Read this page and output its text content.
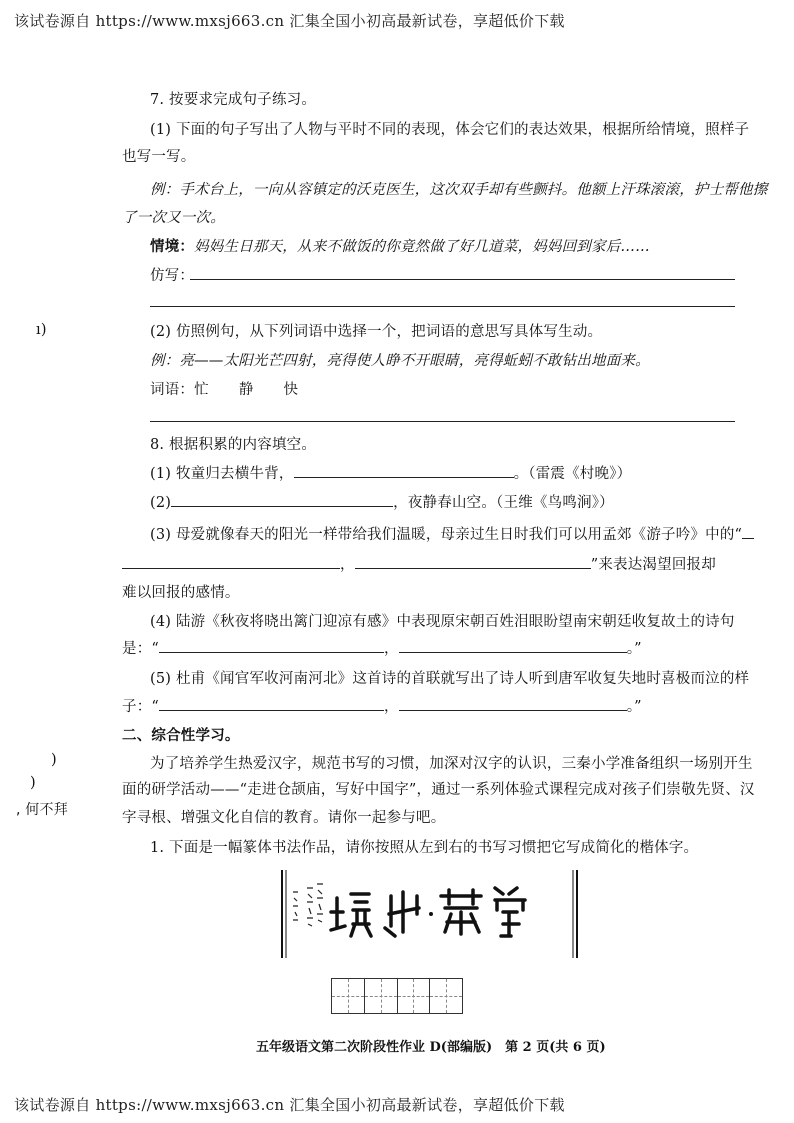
该试卷源自 https://www.mxsj663.cn 汇集全国小初高最新试卷，享超低价下载
该试卷源自 https://www.mxsj663.cn 汇集全国小初高最新试卷，享超低价下载
ı)
)
)
, 何不拜
7. 按要求完成句子练习。
(1) 下面的句子写出了人物与平时不同的表现，体会它们的表达效果，根据所给情境，照样子
也写一写。
例：手术台上，一向从容镇定的沃克医生，这次双手却有些颤抖。他额上汗珠滚滚，护士帮他擦
了一次又一次。
情境：妈妈生日那天，从来不做饭的你竟然做了好几道菜，妈妈回到家后……
仿写：
(2) 仿照例句，从下列词语中选择一个，把词语的意思写具体写生动。
例：亮——太阳光芒四射，亮得使人睁不开眼睛，亮得蚯蚓不敢钻出地面来。
词语：忙 静 快
8. 根据积累的内容填空。
(1) 牧童归去横牛背，	。（雷震《村晚》）
(2)	，夜静春山空。（王维《鸟鸣涧》）
(3) 母爱就像春天的阳光一样带给我们温暖，母亲过生日时我们可以用孟郊《游子吟》中的“
，	”来表达渴望回报却
难以回报的感情。
(4) 陆游《秋夜将晓出篱门迎凉有感》中表现原宋朝百姓泪眼盼望南宋朝廷收复故土的诗句
是：“	，	。”
(5) 杜甫《闻官军收河南河北》这首诗的首联就写出了诗人听到唐军收复失地时喜极而泣的样
子：“	，	。”
二、综合性学习。
为了培养学生热爱汉字，规范书写的习惯，加深对汉字的认识，三秦小学准备组织一场别开生
面的研学活动——“走进仓颉庙，写好中国字”，通过一系列体验式课程完成对孩子们崇敬先贤、汉
字寻根、增强文化自信的教育。请你一起参与吧。
1. 下面是一幅篆体书法作品，请你按照从左到右的书写习惯把它写成简化的楷体字。
五年级语文第二次阶段性作业 D(部编版)　第 2 页(共 6 页)
